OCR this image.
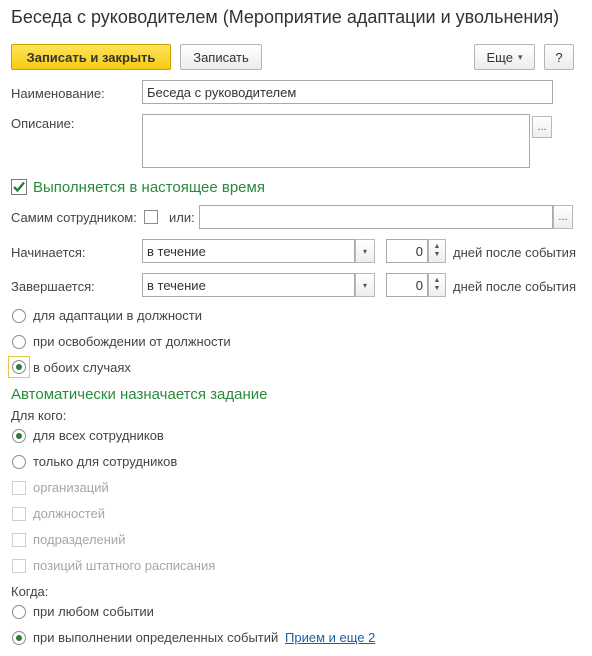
Беседа с руководителем (Мероприятие адаптации и увольнения)
Записать и закрыть	Записать	Еще ▾	?
Наименование:	Беседа с руководителем
Описание:	...
Выполняется в настоящее время
Самим сотрудником: или:	...
Начинается:	в течение	▾	0	▲
▼ дней после события
Завершается:	в течение	▾	0	▲
▼ дней после события
для адаптации в должности
при освобождении от должности
в обоих случаях
Автоматически назначается задание
Для кого:
для всех сотрудников
только для сотрудников
организаций
должностей
подразделений
позиций штатного расписания
Когда:
при любом событии
при выполнении определенных событий Прием и еще 2
